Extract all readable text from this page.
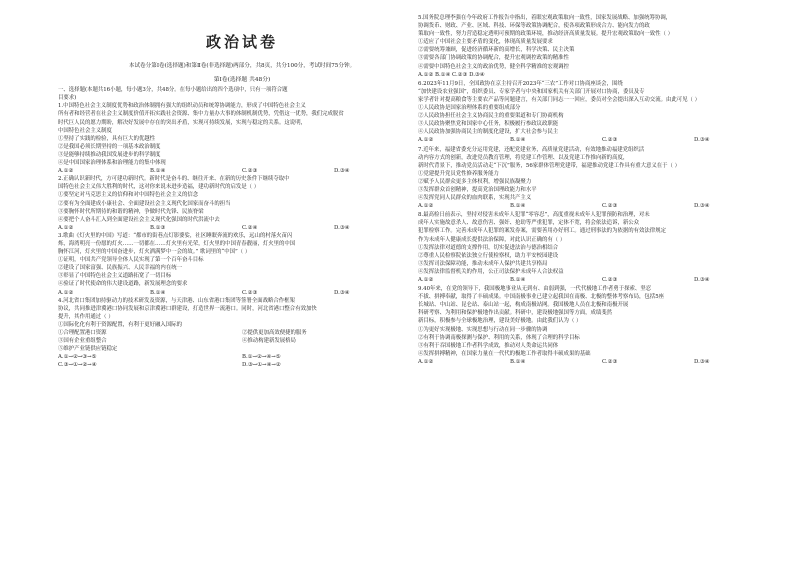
政治试卷
本试卷分第Ⅰ卷(选择题)和第Ⅱ卷(非选择题)两部分，共8页，共分100分，考试时间75分钟。
第Ⅰ卷(选择题 共48分)
一、选择题(本题共16小题，每小题3分，共48分。在每小题给出的四个选项中，只有一项符合题
目要求)
1.中国特色社会主义制度优势和政治体制拥有强大的组织动员和统筹协调能力，形成了中国特色社会主义
所有者和经营者在社会主义制度价值开拓实践社会资源、集中力量办大事的体制机制优势，凭借这一优势，我们完成脱贫
时代巨人民的愿力期盼，解决好发展中存在的突出矛盾，实现可持续发展，实现与稳定的关系。这说明，
中国特色社会主义制度
①坚持了实践的检验，具有巨大的优越性
②是我国必须长期坚持的一项基本政治制度
③是能够持续推动我国发展进步的科学制度
④是中国国家治理体系和治理能力的集中体现
A.①②	B.①④	C.②③	D.③④
2.正确认识新时代，方可建功新时代。新时代是奋斗的、继往开来、在新的历史条件下继续夺取中
国特色社会主义伟大胜利的时代，这对你来说未进步造福，建功新时代的启发是（ ）
①要坚定对马克思主义的信仰和对中国特色社会主义的信念
②要有为全面建成小康社会、全面建设社会主义现代化国家而奋斗的担当
③要胸怀时代所期待的和谐的精神，争做时代先锋、民族脊梁
④要把个人奋斗汇入到全面建设社会主义现代化强国的时代洪流中去
A.①②	B.①③	C.②④	D.③④
3.歌曲《灯火里的中国》写道：“都市的街巷点灯影婆娑，社区睡眠奔流的欢乐，远山的村落火苗闪
烁，海湾明亮一份愿的灯火……一切都在……灯火里有光荣，灯火里的中国青春靓丽，灯火里的中国
胸怀江河，灯火里的中国奋进步，灯火洒满梦中一会的故。” 歌词里的“中国”（ ）
①证明，中国共产党领导全体人民实现了第一个百年奋斗目标
②建设了国家富强、民族振兴、人民幸福的内在统一
③彰显了中国特色社会主义道路拓宽了一切目标
④验证了时代使命的伟大建设道路，新发展理念的要求
A.①②	B.①④	C.②③	D.③④
4.河北省口集团加持驱动力的技术研发及资源，与天津港、山东省港口集团等签署全面战略合作框架
协议，共同推进津冀港口协同发展和京津冀港口群建设，打造世界一流港口。同时，河北省港口整合有效加快
提升，其作用通过（ ）
①国际化化有利于资源配置，有利于更好融入国际的
①合理配置港口资源	②提供更加高效便捷的服务
③国有企业重组整合	④推动构建新发展格局
⑤维护产业链供应链稳定
A.①→②→③→⑤	B.①→②→④→⑤
C.③→①→②→④	D.③→①→④→②
5.国务院总理李强在今年政府工作报告中指出，着眼宏观政策取向一致性，国家发展战略、加强统筹协调，
协调货币、财政、产业、区域、科技、环保等政策协调配合，使各项政策形成合力、能向发力的政
策取向一致性，努力营造稳定透明可预期的政策环境，推动经济高质量发展。提升宏观政策取向一致性（ ）
①适应了中国社会主要矛盾的变化，体现高质量发展要求
②需要统筹兼顾，促进经济循环新的高增长，科学决策、民主决策
③需要各部门协调政策的协调配合，提升宏观调控政策的精准性
④需要中国特色社会主义的政治优势，健全科学精准的宏观调控
A.①② B.①④ C.②③ D.③④
6.2023年11月9日，全国政协在京主持召开2023年“三农”工作对口协商座谈会，围绕
“加快建设农业强国”，组织委员、专家学者与中央和国家机关有关部门开展对口协商，委员及专
家学者针对提高粮食等主要农产品等问题建言，有关部门同志一一回应，委员对全会提出深入互动交流。由此可见（ ）
①人民政协是国家治理体系的重要组成部分
②人民政协担任社会主义协商民主的重要渠道和专门协商机构
③人民政协聚焦党和国家中心任务，积极履行参政议政职能
④人民政协加强协商民主的制度化建设，扩大社会参与民主
A.①②	B.①④	C.②③	D.③④
7.近年来，福建省委充分运用党建，还配党建业务，高质量党建活动，有效地推动福建党组织活
动内容方式的创新，改进党员教育管理，将党建工作管理、以及党建工作推向新的高度，
新时代背景下，推动党员活动走“下沉”服务，56家群体管理党建带，福建推动党建工作具有重大意义在于（ ）
①党建提升党员党性修养服务能力
②赋予人民群众更多主体权利，增强民族凝聚力
③发挥群众首创精神，提高党治国理政能力和水平
④发挥党同人民群众的血肉联系，实现共产主义
A.①②	B.①④	C.②③	D.③④
8.最高检日前表示，坚持对侵害未成年人犯罪“零容忍”，高度重视未成年人犯罪预防和治理，对未
成年人实施故意杀人、故意伤害、强奸、抢劫等严重犯罪，定体不宽，将会依法追诉，新公众
犯罪检察工作。完善未成年人犯罪的案发券案，需要善用办好刑工。通过刑事法的为依据的有效法律规定
作为未成年人健康成长提供法治保障，对此认识正确的有（ ）
①发挥法律对道德的支撑作用，切实促进法治与德治相结合
②尊重人民检察院依法独立行使检察权，助力平安校园建设
③发挥司法保障功能，推动未成年人保护共建共享格局
④发挥法律监督机关的作用，公正司法保护未成年人合法权益
A.①②	B.①④	C.②③	D.③④
9.40年来，在党的领导下，我国极地事业从无到有、由弱到强，一代代极地工作者勇于探索、坚忍
不拔、拼搏奉献，取得了丰硕成果。中国南极事业已建立起我国在南极、北极的整体考察布局，包括5座
长城站、中山站、昆仑站、泰山站一起，构成南极站网。我国极地人员在北极和南极开展
科研考察、为利用和保护极地作出贡献。科研中，建设极地强国等方面，成绩斐然
新目标，积极参与全球极地治理，建设美好极地。由此我们认为（ ）
①为更好实现极地、实现思想与行动在同一步骤的协调
②有利于协调南极探测与保护、利用的关系，体现了合理的科学目标
③有利于吞国极地工作者科学成效，推动对人类命运共同体
④发挥拼搏精神，在国家力量在一代代的极地工作者取得丰硕成果的基础
A.①②	B.①④	C.②③	D.③④
